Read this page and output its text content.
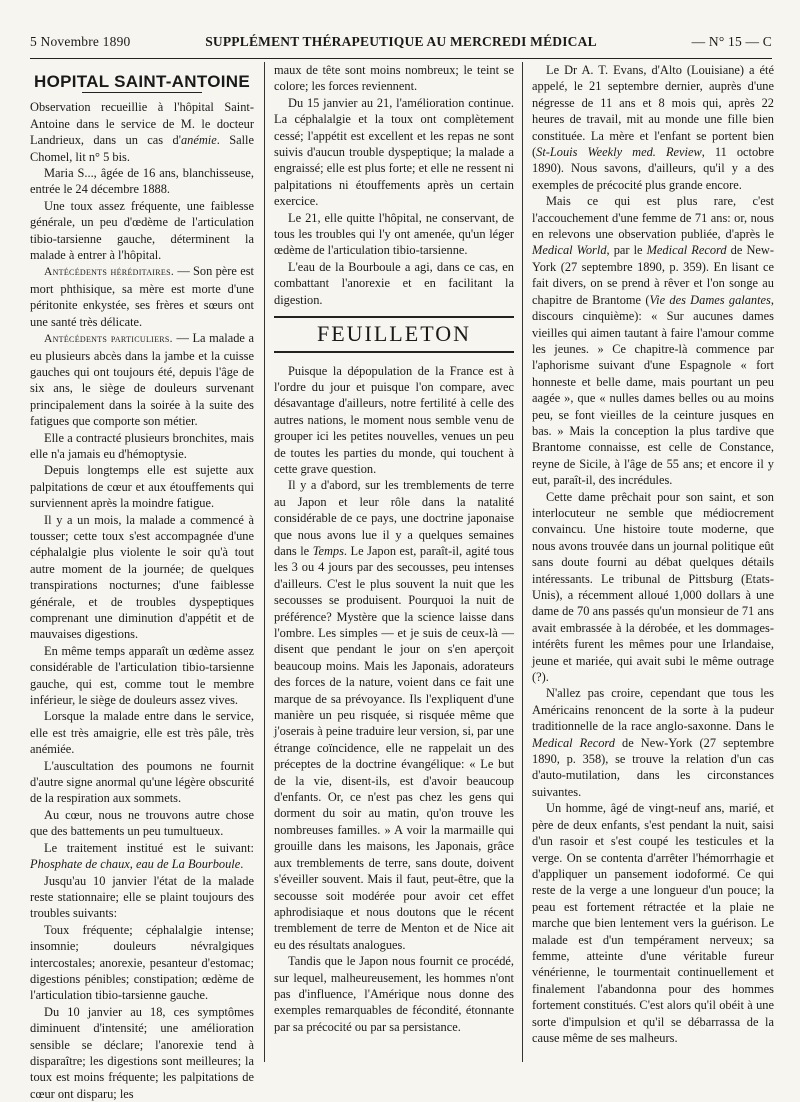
5 Novembre 1890	SUPPLÉMENT THÉRAPEUTIQUE AU MERCREDI MÉDICAL	— N° 15 — C
HOPITAL SAINT-ANTOINE

Observation recueillie à l'hôpital Saint-Antoine dans le service de M. le docteur Landrieux, dans un cas d'anémie. Salle Chomel, lit n° 5 bis.

Maria S..., âgée de 16 ans, blanchisseuse, entrée le 24 décembre 1888.

Une toux assez fréquente, une faiblesse générale, un peu d'œdème de l'articulation tibio-tarsienne gauche, déterminent la malade à entrer à l'hôpital.

Antécédents héréditaires. — Son père est mort phthisique, sa mère est morte d'une péritonite enkystée, ses frères et sœurs ont une santé très délicate.

Antécédents particuliers. — La malade a eu plusieurs abcès dans la jambe et la cuisse gauches qui ont toujours été, depuis l'âge de six ans, le siège de douleurs survenant principalement dans la soirée à la suite des fatigues que comporte son métier.

Elle a contracté plusieurs bronchites, mais elle n'a jamais eu d'hémoptysie.

Depuis longtemps elle est sujette aux palpitations de cœur et aux étouffements qui surviennent après la moindre fatigue.

Il y a un mois, la malade a commencé à tousser; cette toux s'est accompagnée d'une céphalalgie plus violente le soir qu'à tout autre moment de la journée; de quelques transpirations nocturnes; d'une faiblesse générale, et de troubles dyspeptiques comprenant une diminution d'appétit et de mauvaises digestions.

En même temps apparaît un œdème assez considérable de l'articulation tibio-tarsienne gauche, qui est, comme tout le membre inférieur, le siège de douleurs assez vives.

Lorsque la malade entre dans le service, elle est très amaigrie, elle est très pâle, très anémiée.

L'auscultation des poumons ne fournit d'autre signe anormal qu'une légère obscurité de la respiration aux sommets.

Au cœur, nous ne trouvons autre chose que des battements un peu tumultueux.

Le traitement institué est le suivant: Phosphate de chaux, eau de La Bourboule.

Jusqu'au 10 janvier l'état de la malade reste stationnaire; elle se plaint toujours des troubles suivants:

Toux fréquente; céphalalgie intense; insomnie; douleurs névralgiques intercostales; anorexie, pesanteur d'estomac; digestions pénibles; constipation; œdème de l'articulation tibio-tarsienne gauche.

Du 10 janvier au 18, ces symptômes diminuent d'intensité; une amélioration sensible se déclare; l'anorexie tend à disparaître; les digestions sont meilleures; la toux est moins fréquente; les palpitations de cœur ont disparu; les

maux de tête sont moins nombreux; le teint se colore; les forces reviennent.

Du 15 janvier au 21, l'amélioration continue. La céphalalgie et la toux ont complètement cessé; l'appétit est excellent et les repas ne sont suivis d'aucun trouble dyspeptique; la malade a engraissé; elle est plus forte; et elle ne ressent ni palpitations ni étouffements après un certain exercice.

Le 21, elle quitte l'hôpital, ne conservant, de tous les troubles qui l'y ont amenée, qu'un léger œdème de l'articulation tibio-tarsienne.

L'eau de la Bourboule a agi, dans ce cas, en combattant l'anorexie et en facilitant la digestion.

FEUILLETON

Puisque la dépopulation de la France est à l'ordre du jour et puisque l'on compare, avec désavantage d'ailleurs, notre fertilité à celle des autres nations, le moment nous semble venu de grouper ici les petites nouvelles, venues un peu de toutes les parties du monde, qui touchent à cette grave question.

Il y a d'abord, sur les tremblements de terre au Japon et leur rôle dans la natalité considérable de ce pays, une doctrine japonaise que nous avons lue il y a quelques semaines dans le Temps. Le Japon est, paraît-il, agité tous les 3 ou 4 jours par des secousses, peu intenses d'ailleurs. C'est le plus souvent la nuit que les secousses se produisent. Pourquoi la nuit de préférence? Mystère que la science laisse dans l'ombre. Les simples — et je suis de ceux-là — disent que pendant le jour on s'en aperçoit beaucoup moins. Mais les Japonais, adorateurs des forces de la nature, voient dans ce fait une marque de sa prévoyance. Ils l'expliquent d'une manière un peu risquée, si risquée même que j'oserais à peine traduire leur version, si, par une étrange coïncidence, elle ne rappelait un des préceptes de la doctrine évangélique: « Le but de la vie, disent-ils, est d'avoir beaucoup d'enfants. Or, ce n'est pas chez les gens qui dorment du soir au matin, qu'on trouve les nombreuses familles. » A voir la marmaille qui grouille dans les maisons, les Japonais, grâce aux tremblements de terre, sans doute, doivent s'éveiller souvent. Mais il faut, peut-être, que la secousse soit modérée pour avoir cet effet aphrodisiaque et nous doutons que le récent tremblement de terre de Menton et de Nice ait eu des résultats analogues.

Tandis que le Japon nous fournit ce procédé, sur lequel, malheureusement, les hommes n'ont pas d'influence, l'Amérique nous donne des exemples remarquables de fécondité, étonnante par sa précocité ou par sa persistance.

Le Dr A. T. Evans, d'Alto (Louisiane) a été appelé, le 21 septembre dernier, auprès d'une négresse de 11 ans et 8 mois qui, après 22 heures de travail, mit au monde une fille bien constituée. La mère et l'enfant se portent bien (St-Louis Weekly med. Review, 11 octobre 1890). Nous savons, d'ailleurs, qu'il y a des exemples de précocité plus grande encore.

Mais ce qui est plus rare, c'est l'accouchement d'une femme de 71 ans: or, nous en relevons une observation publiée, d'après le Medical World, par le Medical Record de New-York (27 septembre 1890, p. 359). En lisant ce fait divers, on se prend à rêver et l'on songe au chapitre de Brantome (Vie des Dames galantes, discours cinquième): « Sur aucunes dames vieilles qui aimen tautant à faire l'amour comme les jeunes. » Ce chapitre-là commence par l'aphorisme suivant d'une Espagnole « fort honneste et belle dame, mais pourtant un peu aagée », que « nulles dames belles ou au moins peu, se font vieilles de la ceinture jusques en bas. » Mais la conception la plus tardive que Brantome connaisse, est celle de Constance, reyne de Sicile, à l'âge de 55 ans; et encore il y eut, paraît-il, des incrédules.

Cette dame prêchait pour son saint, et son interlocuteur ne semble que médiocrement convaincu. Une histoire toute moderne, que nous avons trouvée dans un journal politique eût sans doute fourni au débat quelques détails intéressants. Le tribunal de Pittsburg (Etats-Unis), a récemment alloué 1,000 dollars à une dame de 70 ans passés qu'un monsieur de 71 ans avait embrassée à la dérobée, et les dommages-intérêts furent les mêmes pour une Irlandaise, jeune et mariée, qui avait subi le même outrage (?).

N'allez pas croire, cependant que tous les Américains renoncent de la sorte à la pudeur traditionnelle de la race anglo-saxonne. Dans le Medical Record de New-York (27 septembre 1890, p. 358), se trouve la relation d'un cas d'auto-mutilation, dans les circonstances suivantes.

Un homme, âgé de vingt-neuf ans, marié, et père de deux enfants, s'est pendant la nuit, saisi d'un rasoir et s'est coupé les testicules et la verge. On se contenta d'arrêter l'hémorrhagie et d'appliquer un pansement iodoformé. Ce qui reste de la verge a une longueur d'un pouce; la peau est fortement rétractée et la plaie ne marche que bien lentement vers la guérison. Le malade est d'un tempérament nerveux; sa femme, atteinte d'une véritable fureur vénérienne, le tourmentait continuellement et finalement l'abandonna pour des hommes fortement constitués. C'est alors qu'il obéit à une sorte d'impulsion et qu'il se débarrassa de la cause même de ses malheurs.
